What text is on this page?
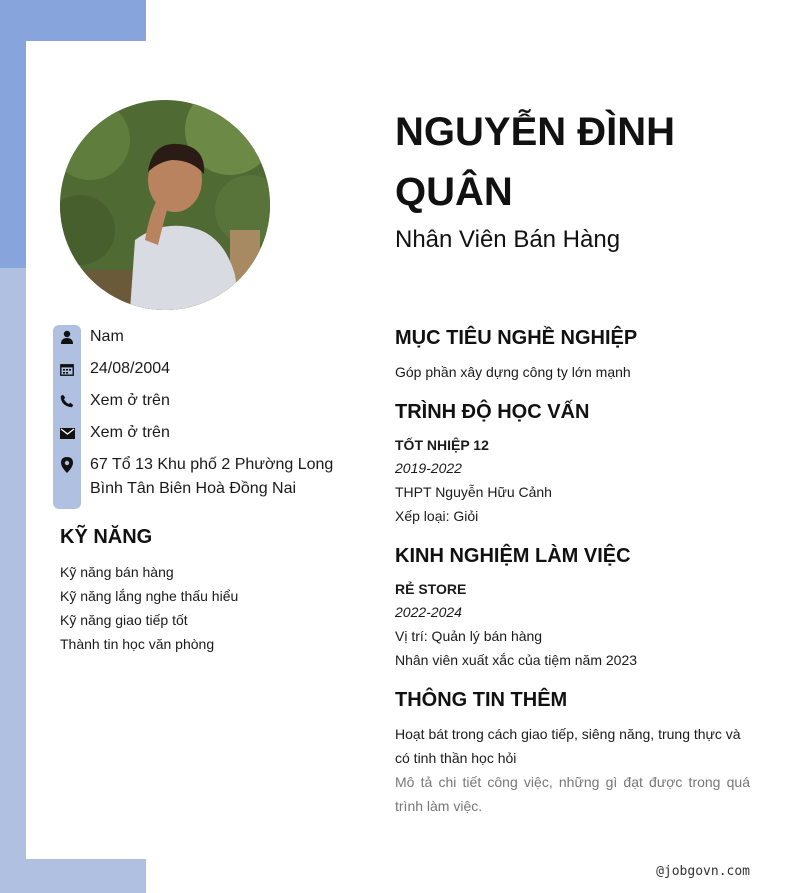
Nam
24/08/2004
Xem ở trên
Xem ở trên
67 Tổ 13 Khu phố 2 Phường Long Bình Tân Biên Hoà Đồng Nai
KỸ NĂNG
Kỹ năng bán hàng
Kỹ năng lắng nghe thấu hiểu
Kỹ năng giao tiếp tốt
Thành tin học văn phòng
NGUYỄN ĐÌNH QUÂN
Nhân Viên Bán Hàng
MỤC TIÊU NGHỀ NGHIỆP
Góp phần xây dựng công ty lớn mạnh
TRÌNH ĐỘ HỌC VẤN
TỐT NHIỆP 12
2019-2022
THPT Nguyễn Hữu Cảnh
Xếp loại: Giỏi
KINH NGHIỆM LÀM VIỆC
RẺ STORE
2022-2024
Vị trí: Quản lý bán hàng
Nhân viên xuất xắc của tiệm năm 2023
THÔNG TIN THÊM
Hoạt bát trong cách giao tiếp, siêng năng, trung thực và có tinh thần học hỏi
Mô tả chi tiết công việc, những gì đạt được trong quá trình làm việc.
@jobgovn.com
